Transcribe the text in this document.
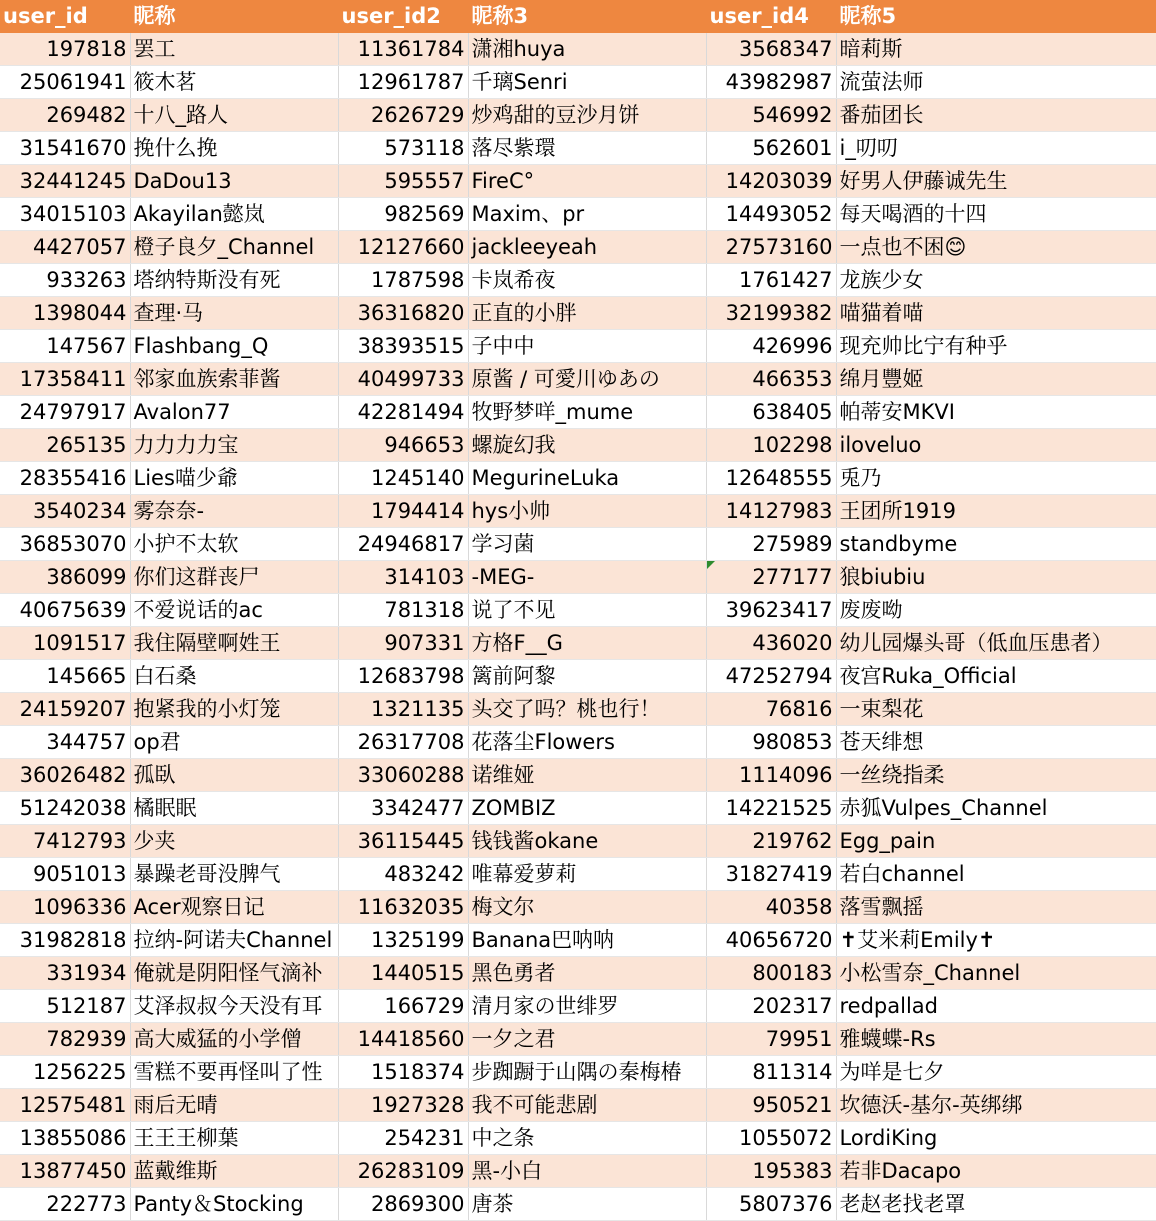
user_id	昵称	user_id2	昵称3	user_id4	昵称5
197818	罢工	11361784	潇湘huya	3568347	暗莉斯
25061941	筱木茗	12961787	千璃Senri	43982987	流萤法师
269482	十八_路人	2626729	炒鸡甜的豆沙月饼	546992	番茄团长
31541670	挽什么挽	573118	落尽紫環	562601	i_叨叨
32441245	DaDou13	595557	FireC°	14203039	好男人伊藤诚先生
34015103	Akayilan懿岚	982569	Maxim、pr	14493052	每天喝酒的十四
4427057	橙子良夕_Channel	12127660	jackleeyeah	27573160	一点也不困😊
933263	塔纳特斯没有死	1787598	卡岚希夜	1761427	龙族少女
1398044	查理·马	36316820	正直的小胖	32199382	喵猫着喵
147567	Flashbang_Q	38393515	子中中	426996	现充帅比宁有种乎
17358411	邻家血族索菲酱	40499733	原酱 / 可愛川ゆあの	466353	绵月豐姬
24797917	Avalon77	42281494	牧野梦咩_mume	638405	帕蒂安MKVI
265135	力力力力宝	946653	螺旋幻我	102298	iloveluo
28355416	Lies喵少爺	1245140	MegurineLuka	12648555	兎乃
3540234	雾奈奈-	1794414	hys小帅	14127983	王团所1919
36853070	小护不太软	24946817	学习菌	275989	standbyme
386099	你们这群丧尸	314103	-MEG-	277177	狼biubiu
40675639	不爱说话的ac	781318	说了不见	39623417	废废呦
1091517	我住隔壁啊姓王	907331	方格F__G	436020	幼儿园爆头哥（低血压患者）
145665	白石桑	12683798	篱前阿黎	47252794	夜宫Ruka_Official
24159207	抱紧我的小灯笼	1321135	头交了吗？桃也行！	76816	一束梨花
344757	op君	26317708	花落尘Flowers	980853	苍天绯想
36026482	孤臥	33060288	诺维娅	1114096	一丝绕指柔
51242038	橘眠眠	3342477	ZOMBIZ	14221525	赤狐Vulpes_Channel
7412793	少夹	36115445	钱钱酱okane	219762	Egg_pain
9051013	暴躁老哥没脾气	483242	唯幕爱萝莉	31827419	若白channel
1096336	Acer观察日记	11632035	梅文尔	40358	落雪飘摇
31982818	拉纳-阿诺夫Channel	1325199	Banana巴呐呐	40656720	✝艾米莉Emily✝
331934	俺就是阴阳怪气滴补	1440515	黑色勇者	800183	小松雪奈_Channel
512187	艾泽叔叔今天没有耳	166729	清月家の世绯罗	202317	redpallad
782939	高大威猛的小学僧	14418560	一夕之君	79951	雅蠛蝶-Rs
1256225	雪糕不要再怪叫了性	1518374	步踟蹰于山隅の秦梅椿	811314	为咩是七夕
12575481	雨后无晴	1927328	我不可能悲剧	950521	坎德沃-基尔-英绑绑
13855086	王王王柳葉	254231	中之条	1055072	LordiKing
13877450	蓝戴维斯	26283109	黑-小白	195383	若非Dacapo
222773	Panty＆Stocking	2869300	唐茶	5807376	老赵老找老罩
